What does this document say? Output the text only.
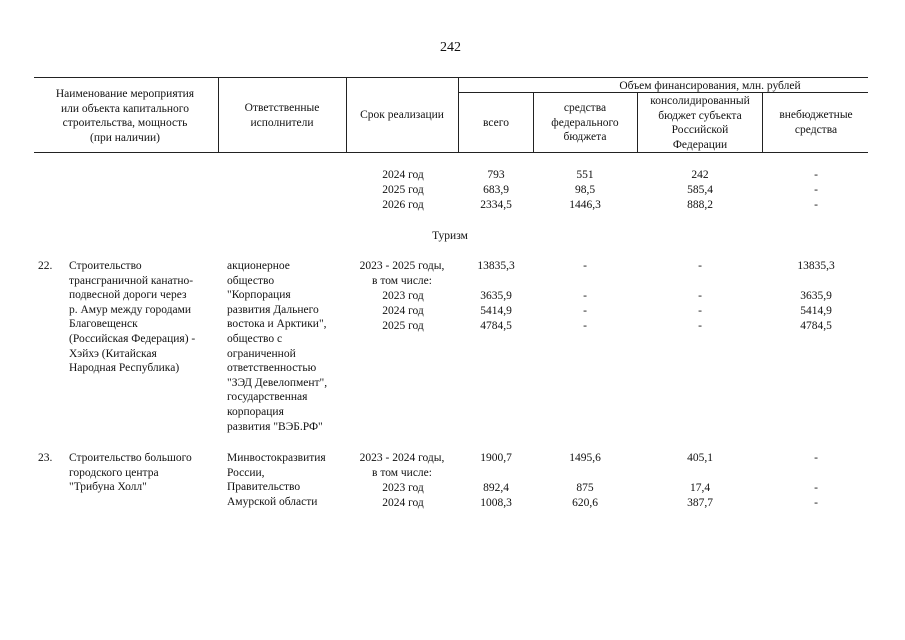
242
Наименование мероприятия
или объекта капитального
строительства, мощность
(при наличии)
Ответственные
исполнители
Срок реализации
Объем финансирования, млн. рублей
всего
средства
федерального
бюджета
консолидированный
бюджет субъекта
Российской
Федерации
внебюджетные
средства
2024 год
2025 год
2026 год
793
683,9
2334,5
551
98,5
1446,3
242
585,4
888,2
-
-
-
Туризм
22. Строительство
трансграничной канатно-
подвесной дороги через
р. Амур между городами
Благовещенск
(Российская Федерация) -
Хэйхэ (Китайская
Народная Республика)
акционерное
общество
"Корпорация
развития Дальнего
востока и Арктики",
общество с
ограниченной
ответственностью
"ЗЭД Девелопмент",
государственная
корпорация
развития "ВЭБ.РФ"
2023 - 2025 годы,
в том числе:
2023 год
2024 год
2025 год
13835,3
3635,9
5414,9
4784,5
-
-
-
-
-
-
-
-
13835,3
3635,9
5414,9
4784,5
23. Строительство большого
городского центра
"Трибуна Холл"
Минвостокразвития
России,
Правительство
Амурской области
2023 - 2024 годы,
в том числе:
2023 год
2024 год
1900,7
892,4
1008,3
1495,6
875
620,6
405,1
17,4
387,7
-
-
-
